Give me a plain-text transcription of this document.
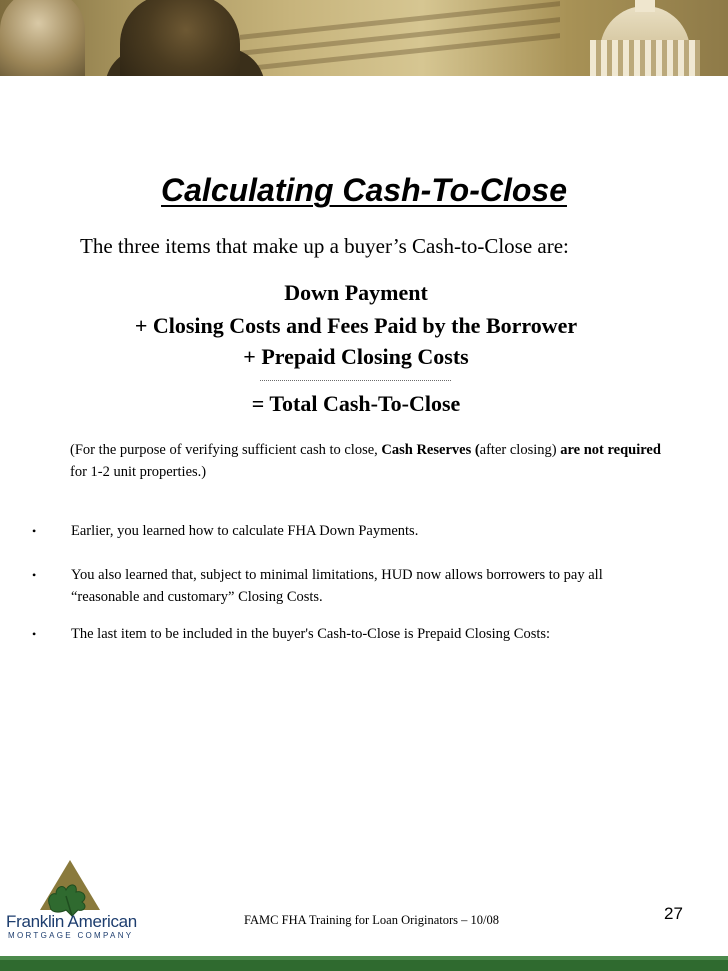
Calculating Cash-To-Close
The three items that make up a buyer’s Cash-to-Close are:
Down Payment
+ Closing Costs and Fees Paid by the Borrower
+ Prepaid Closing Costs
= Total Cash-To-Close
(For the purpose of verifying sufficient cash to close, Cash Reserves (after closing) are not required for 1-2 unit properties.)
• Earlier, you learned how to calculate FHA Down Payments.
• You also learned that, subject to minimal limitations, HUD now allows borrowers to pay all “reasonable and customary” Closing Costs.
• The last item to be included in the buyer's Cash-to-Close is Prepaid Closing Costs:
Franklin American
MORTGAGE COMPANY
FAMC FHA Training for Loan Originators – 10/08	27
